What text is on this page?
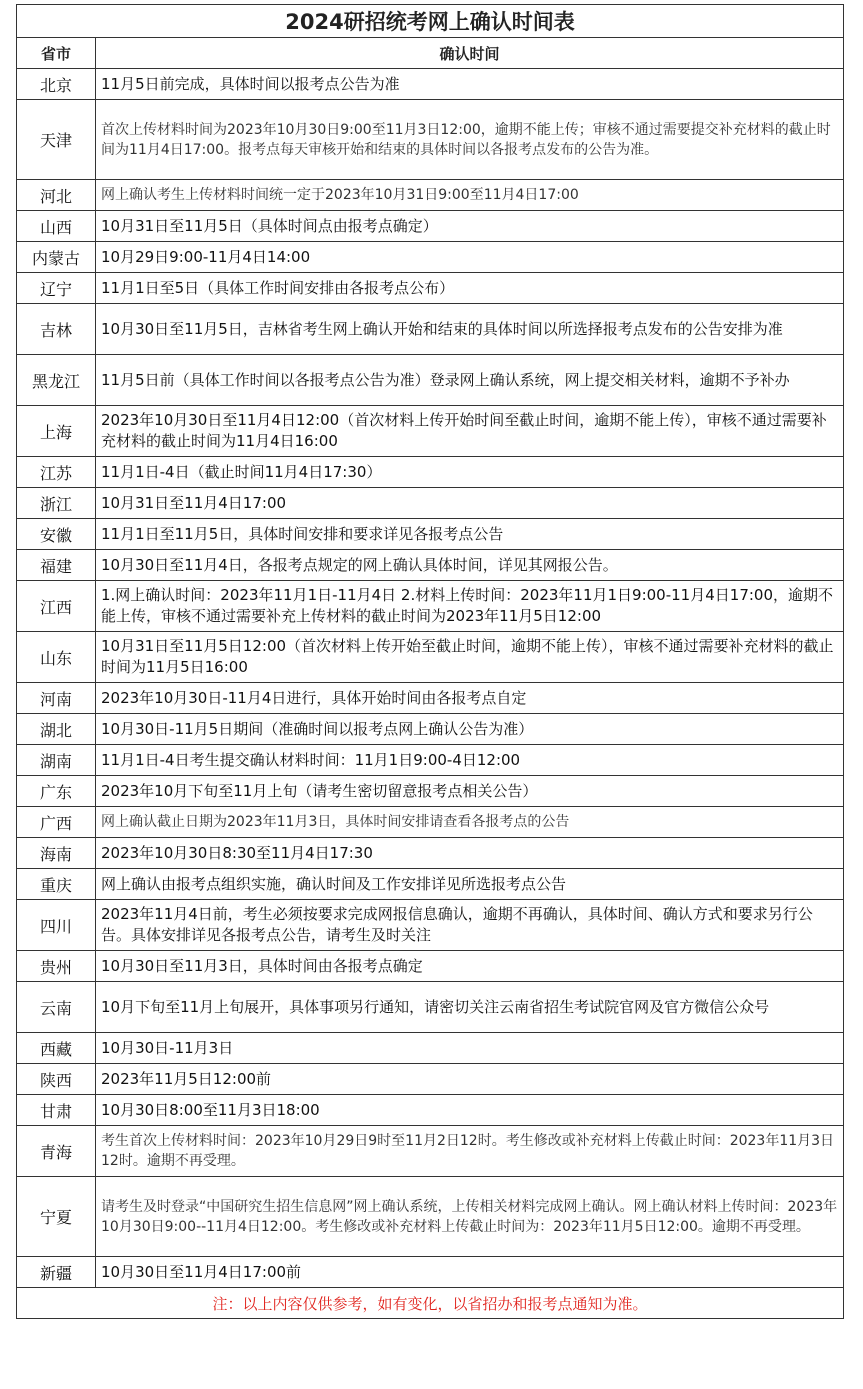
2024研招统考网上确认时间表	
省市	确认时间
北京	11月5日前完成，具体时间以报考点公告为准
天津	首次上传材料时间为2023年10月30日9:00至11月3日12:00，逾期不能上传；审核不通过需要提交补充材料的截止时间为11月4日17:00。报考点每天审核开始和结束的具体时间以各报考点发布的公告为准。
河北	网上确认考生上传材料时间统一定于2023年10月31日9:00至11月4日17:00
山西	10月31日至11月5日（具体时间点由报考点确定）
内蒙古	10月29日9:00-11月4日14:00
辽宁	11月1日至5日（具体工作时间安排由各报考点公布）
吉林	10月30日至11月5日，吉林省考生网上确认开始和结束的具体时间以所选择报考点发布的公告安排为准
黑龙江	11月5日前（具体工作时间以各报考点公告为准）登录网上确认系统，网上提交相关材料，逾期不予补办
上海	2023年10月30日至11月4日12:00（首次材料上传开始时间至截止时间，逾期不能上传），审核不通过需要补充材料的截止时间为11月4日16:00
江苏	11月1日-4日（截止时间11月4日17:30）
浙江	10月31日至11月4日17:00
安徽	11月1日至11月5日，具体时间安排和要求详见各报考点公告
福建	10月30日至11月4日，各报考点规定的网上确认具体时间，详见其网报公告。
江西	1.网上确认时间：2023年11月1日-11月4日 2.材料上传时间：2023年11月1日9:00-11月4日17:00，逾期不能上传，审核不通过需要补充上传材料的截止时间为2023年11月5日12:00
山东	10月31日至11月5日12:00（首次材料上传开始至截止时间，逾期不能上传），审核不通过需要补充材料的截止时间为11月5日16:00
河南	2023年10月30日-11月4日进行，具体开始时间由各报考点自定
湖北	10月30日-11月5日期间（准确时间以报考点网上确认公告为准）
湖南	11月1日-4日考生提交确认材料时间：11月1日9:00-4日12:00
广东	2023年10月下旬至11月上旬（请考生密切留意报考点相关公告）
广西	网上确认截止日期为2023年11月3日，具体时间安排请查看各报考点的公告
海南	2023年10月30日8:30至11月4日17:30
重庆	网上确认由报考点组织实施，确认时间及工作安排详见所选报考点公告
四川	2023年11月4日前，考生必须按要求完成网报信息确认，逾期不再确认，具体时间、确认方式和要求另行公告。具体安排详见各报考点公告，请考生及时关注
贵州	10月30日至11月3日，具体时间由各报考点确定
云南	10月下旬至11月上旬展开，具体事项另行通知，请密切关注云南省招生考试院官网及官方微信公众号
西藏	10月30日-11月3日
陕西	2023年11月5日12:00前
甘肃	10月30日8:00至11月3日18:00
青海	考生首次上传材料时间：2023年10月29日9时至11月2日12时。考生修改或补充材料上传截止时间：2023年11月3日12时。逾期不再受理。
宁夏	请考生及时登录“中国研究生招生信息网”网上确认系统，上传相关材料完成网上确认。网上确认材料上传时间：2023年10月30日9:00--11月4日12:00。考生修改或补充材料上传截止时间为：2023年11月5日12:00。逾期不再受理。
新疆	10月30日至11月4日17:00前
注：以上内容仅供参考，如有变化，以省招办和报考点通知为准。	
